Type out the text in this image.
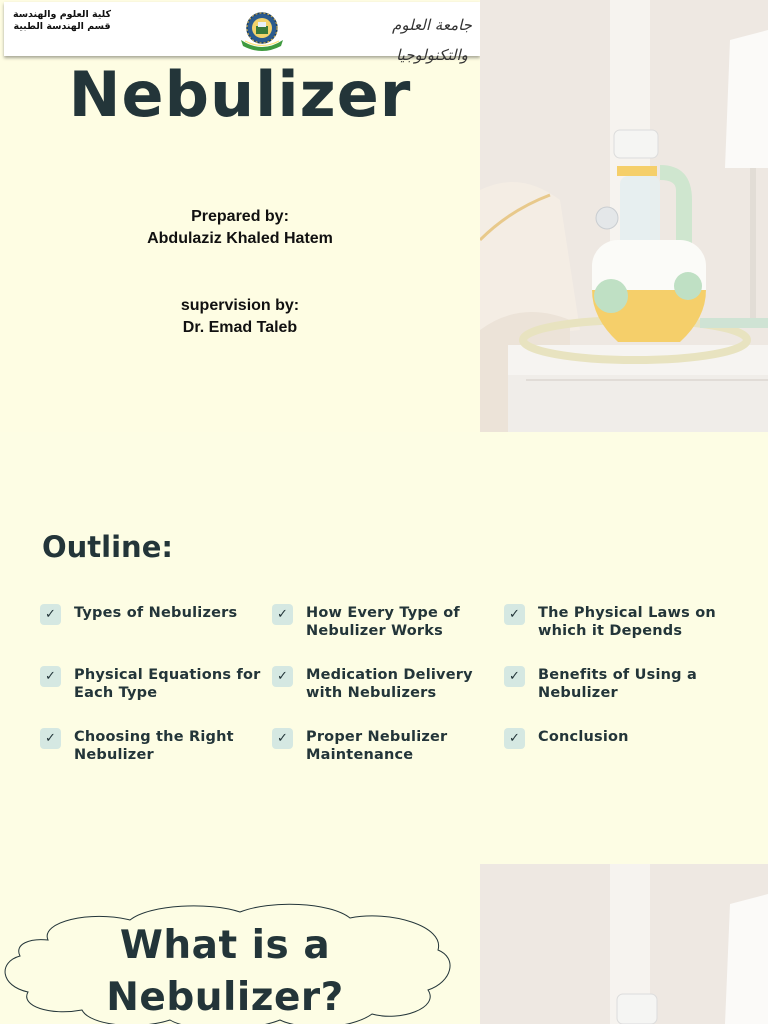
كلية العلوم والهندسة
قسم الهندسة الطبية	جامعة العلوم والتكنولوجيا
Nebulizer
Prepared by:
Abdulaziz Khaled Hatem
supervision by:
Dr. Emad Taleb
Outline:
✓	Types of Nebulizers	✓	How Every Type of Nebulizer Works
✓	The Physical Laws on which it Depends
✓	Physical Equations for Each Type
✓	Medication Delivery with Nebulizers
✓	Benefits of Using a Nebulizer
✓	Choosing the Right Nebulizer
✓	Proper Nebulizer Maintenance
✓	Conclusion
What is a
Nebulizer?
